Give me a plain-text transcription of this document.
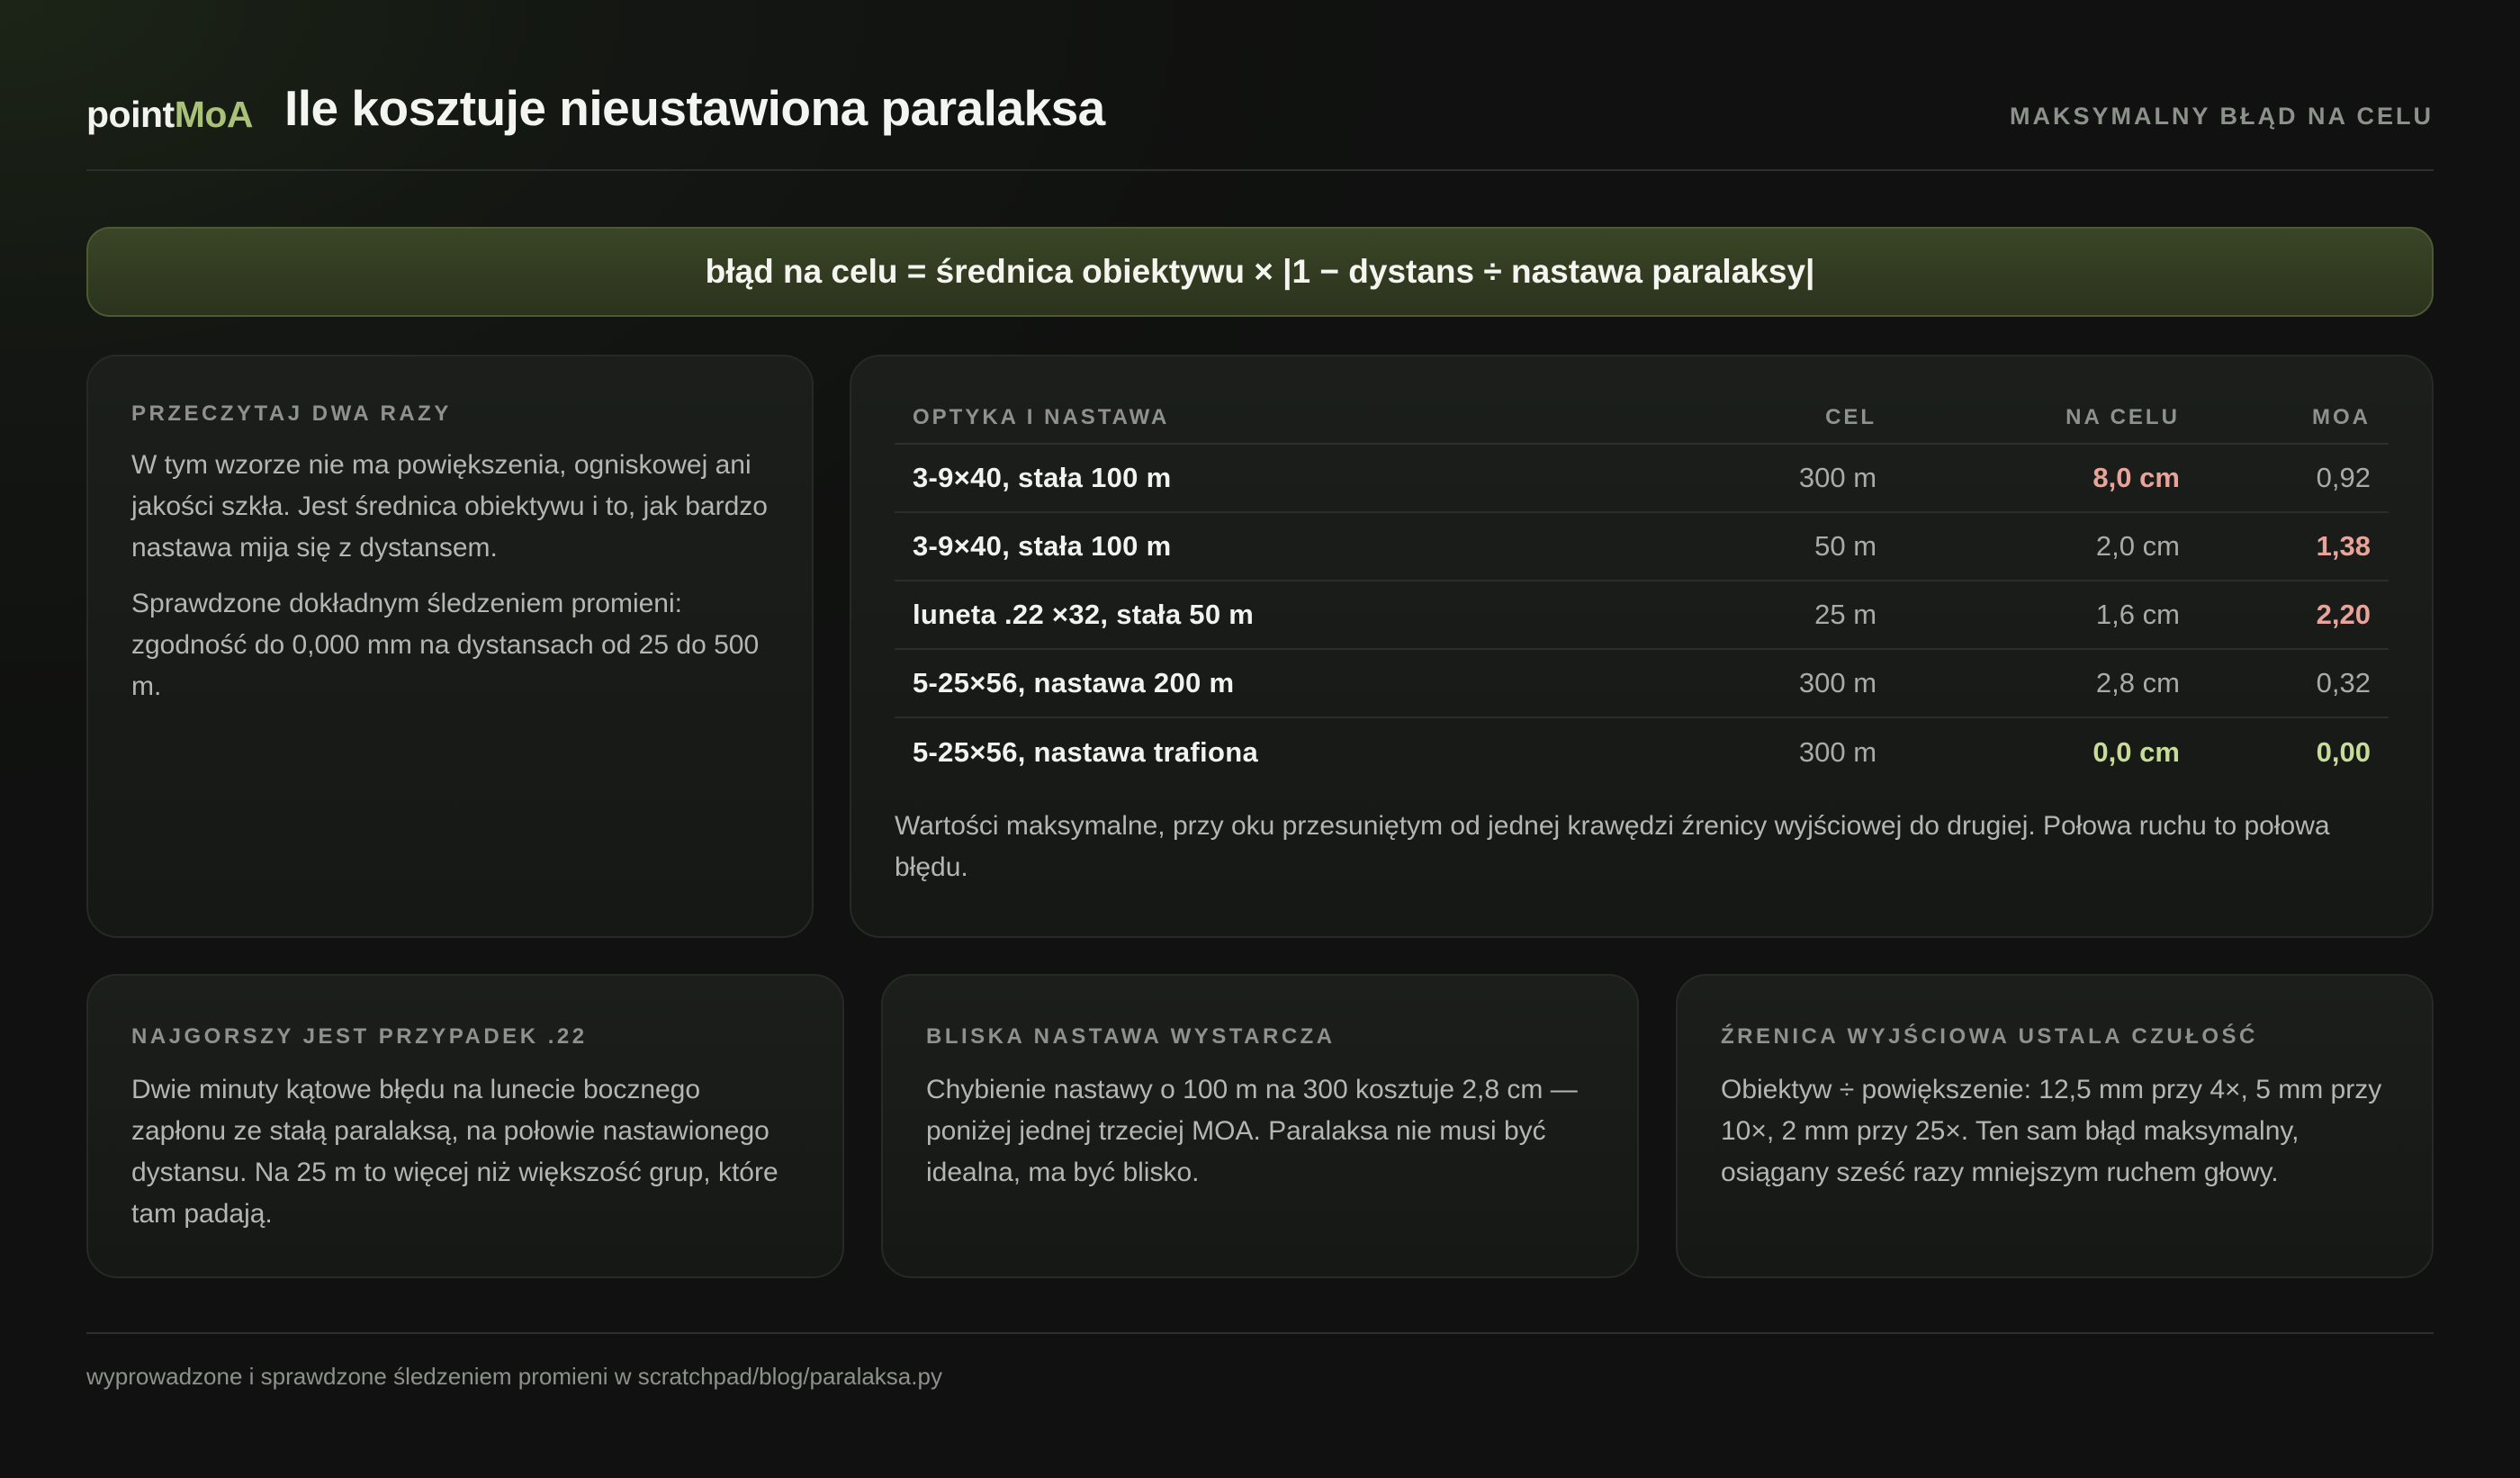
pointMoA Ile kosztuje nieustawiona paralaksa	MAKSYMALNY BŁĄD NA CELU
błąd na celu = średnica obiektywu × |1 − dystans ÷ nastawa paralaksy|
PRZECZYTAJ DWA RAZY

W tym wzorze nie ma powiększenia, ogniskowej ani jakości szkła. Jest średnica obiektywu i to, jak bardzo nastawa mija się z dystansem.

Sprawdzone dokładnym śledzeniem promieni: zgodność do 0,000 mm na dystansach od 25 do 500 m.

OPTYKA I NASTAWA	CEL	NA CELU	MOA
3-9×40, stała 100 m	300 m	8,0 cm	0,92
3-9×40, stała 100 m	50 m	2,0 cm	1,38
luneta .22 ×32, stała 50 m	25 m	1,6 cm	2,20
5-25×56, nastawa 200 m	300 m	2,8 cm	0,32
5-25×56, nastawa trafiona	300 m	0,0 cm	0,00

Wartości maksymalne, przy oku przesuniętym od jednej krawędzi źrenicy wyjściowej do drugiej. Połowa ruchu to połowa błędu.

NAJGORSZY JEST PRZYPADEK .22

Dwie minuty kątowe błędu na lunecie bocznego zapłonu ze stałą paralaksą, na połowie nastawionego dystansu. Na 25 m to więcej niż większość grup, które tam padają.

BLISKA NASTAWA WYSTARCZA

Chybienie nastawy o 100 m na 300 kosztuje 2,8 cm — poniżej jednej trzeciej MOA. Paralaksa nie musi być idealna, ma być blisko.

ŹRENICA WYJŚCIOWA USTALA CZUŁOŚĆ

Obiektyw ÷ powiększenie: 12,5 mm przy 4×, 5 mm przy 10×, 2 mm przy 25×. Ten sam błąd maksymalny, osiągany sześć razy mniejszym ruchem głowy.

wyprowadzone i sprawdzone śledzeniem promieni w scratchpad/blog/paralaksa.py
